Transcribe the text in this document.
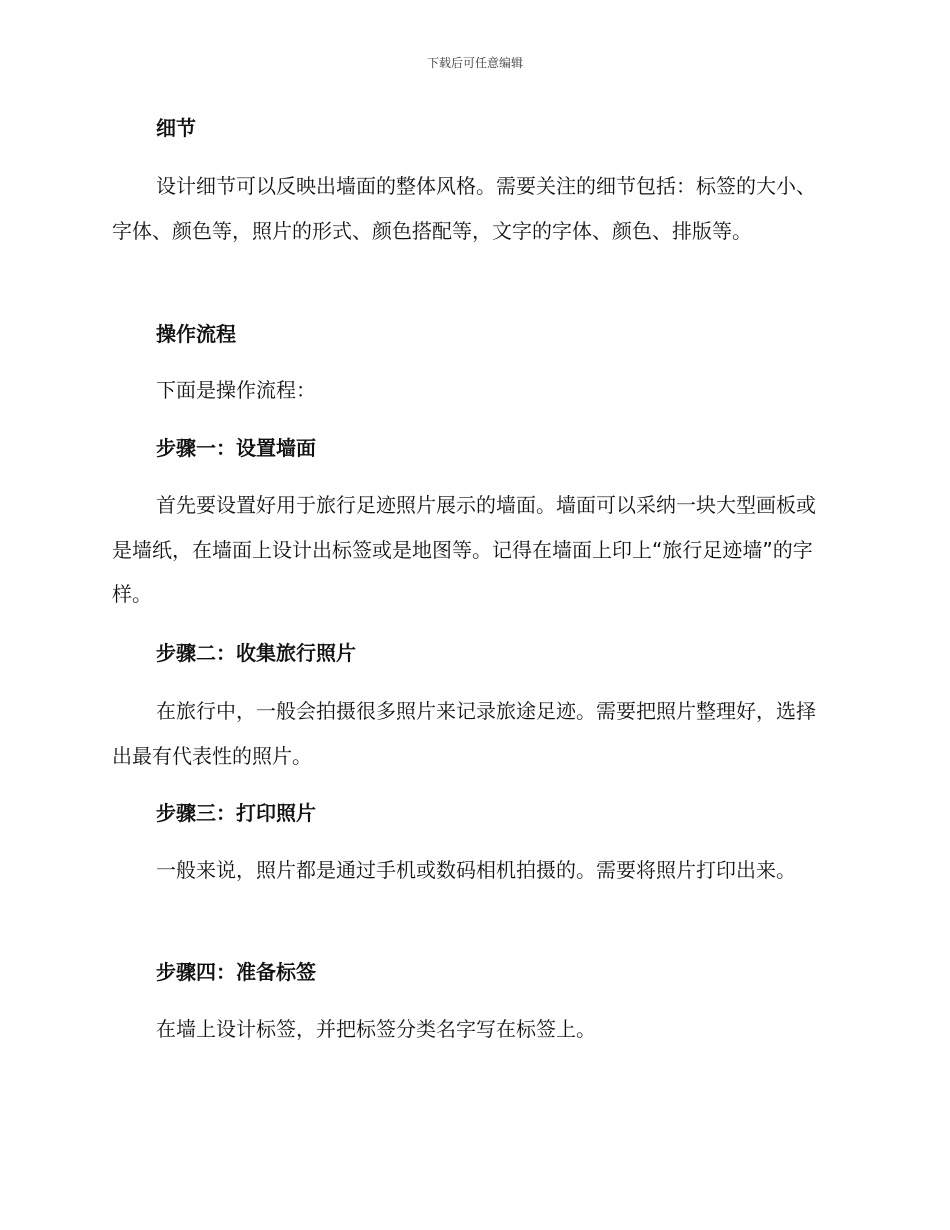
下载后可任意编辑
细节
设计细节可以反映出墙面的整体风格。需要关注的细节包括：标签的大小、字体、颜色等，照片的形式、颜色搭配等，文字的字体、颜色、排版等。
操作流程
下面是操作流程：
步骤一：设置墙面
首先要设置好用于旅行足迹照片展示的墙面。墙面可以采纳一块大型画板或是墙纸，在墙面上设计出标签或是地图等。记得在墙面上印上“旅行足迹墙”的字样。
步骤二：收集旅行照片
在旅行中，一般会拍摄很多照片来记录旅途足迹。需要把照片整理好，选择出最有代表性的照片。
步骤三：打印照片
一般来说，照片都是通过手机或数码相机拍摄的。需要将照片打印出来。
步骤四：准备标签
在墙上设计标签，并把标签分类名字写在标签上。
